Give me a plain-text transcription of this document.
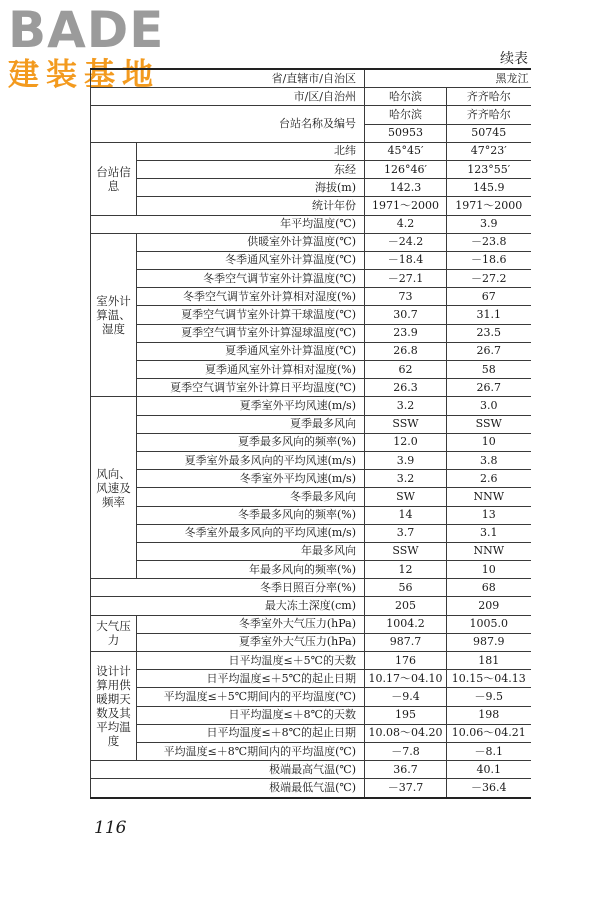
BADE
建装基地	续表
省/直辖市/自治区		黑龙江	
市/区/自治州		哈尔滨	齐齐哈尔
台站名称及编号		哈尔滨	齐齐哈尔
		50953	50745
台站信息	北纬	45°45′	47°23′
	东经	126°46′	123°55′
	海拔(m)	142.3	145.9
	统计年份	1971～2000	1971～2000
年平均温度(℃)		4.2	3.9
室外计算温、湿度	供暖室外计算温度(℃)	－24.2	－23.8
	冬季通风室外计算温度(℃)	－18.4	－18.6
	冬季空气调节室外计算温度(℃)	－27.1	－27.2
	冬季空气调节室外计算相对湿度(%)	73	67
	夏季空气调节室外计算干球温度(℃)	30.7	31.1
	夏季空气调节室外计算湿球温度(℃)	23.9	23.5
	夏季通风室外计算温度(℃)	26.8	26.7
	夏季通风室外计算相对湿度(%)	62	58
	夏季空气调节室外计算日平均温度(℃)	26.3	26.7
风向、风速及频率	夏季室外平均风速(m/s)	3.2	3.0
	夏季最多风向	SSW	SSW
	夏季最多风向的频率(%)	12.0	10
	夏季室外最多风向的平均风速(m/s)	3.9	3.8
	冬季室外平均风速(m/s)	3.2	2.6
	冬季最多风向	SW	NNW
	冬季最多风向的频率(%)	14	13
	冬季室外最多风向的平均风速(m/s)	3.7	3.1
	年最多风向	SSW	NNW
	年最多风向的频率(%)	12	10
冬季日照百分率(%)		56	68
最大冻土深度(cm)		205	209
大气压力	冬季室外大气压力(hPa)	1004.2	1005.0
	夏季室外大气压力(hPa)	987.7	987.9
设计计算用供暖期天数及其平均温度	日平均温度≤＋5℃的天数	176	181
	日平均温度≤＋5℃的起止日期	10.17～04.10	10.15～04.13
	平均温度≤＋5℃期间内的平均温度(℃)	－9.4	－9.5
	日平均温度≤＋8℃的天数	195	198
	日平均温度≤＋8℃的起止日期	10.08～04.20	10.06～04.21
	平均温度≤＋8℃期间内的平均温度(℃)	－7.8	－8.1
极端最高气温(℃)		36.7	40.1
极端最低气温(℃)		－37.7	－36.4
116
